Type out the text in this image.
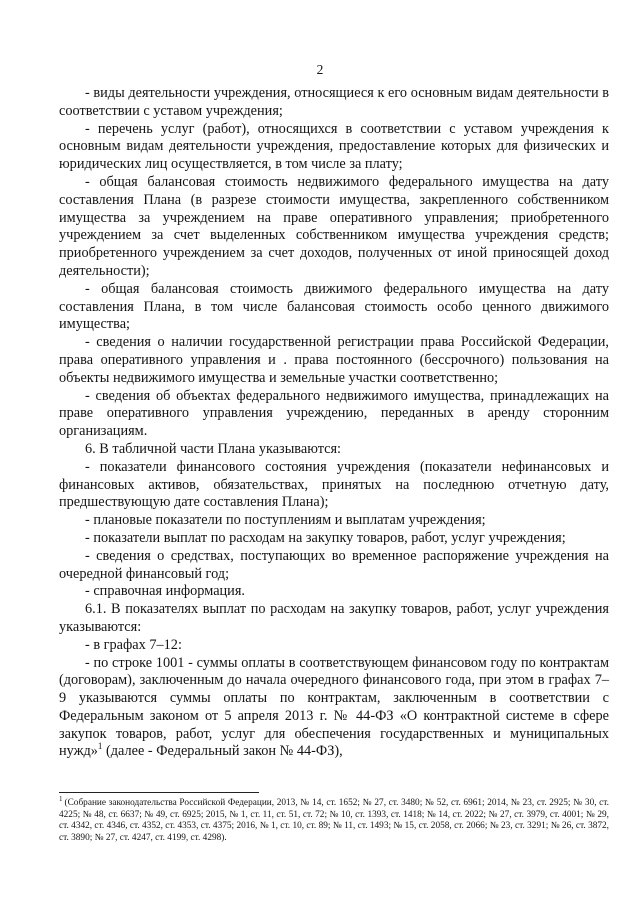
2

- виды деятельности учреждения, относящиеся к его основным видам деятельности в соответствии с уставом учреждения;

- перечень услуг (работ), относящихся в соответствии с уставом учреждения к основным видам деятельности учреждения, предоставление которых для физических и юридических лиц осуществляется, в том числе за плату;

- общая балансовая стоимость недвижимого федерального имущества на дату составления Плана (в разрезе стоимости имущества, закрепленного собственником имущества за учреждением на праве оперативного управления; приобретенного учреждением за счет выделенных собственником имущества учреждения средств; приобретенного учреждением за счет доходов, полученных от иной приносящей доход деятельности);

- общая балансовая стоимость движимого федерального имущества на дату составления Плана, в том числе балансовая стоимость особо ценного движимого имущества;

- сведения о наличии государственной регистрации права Российской Федерации, права оперативного управления и . права постоянного (бессрочного) пользования на объекты недвижимого имущества и земельные участки соответственно;

- сведения об объектах федерального недвижимого имущества, принадлежащих на праве оперативного управления учреждению, переданных в аренду сторонним организациям.

6. В табличной части Плана указываются:

- показатели финансового состояния учреждения (показатели нефинансовых и финансовых активов, обязательствах, принятых на последнюю отчетную дату, предшествующую дате составления Плана);

- плановые показатели по поступлениям и выплатам учреждения;

- показатели выплат по расходам на закупку товаров, работ, услуг учреждения;

- сведения о средствах, поступающих во временное распоряжение учреждения на очередной финансовый год;

- справочная информация.

6.1. В показателях выплат по расходам на закупку товаров, работ, услуг учреждения указываются:

- в графах 7–12:

- по строке 1001 - суммы оплаты в соответствующем финансовом году по контрактам (договорам), заключенным до начала очередного финансового года, при этом в графах 7–9 указываются суммы оплаты по контрактам, заключенным в соответствии с Федеральным законом от 5 апреля 2013 г. № 44-ФЗ «О контрактной системе в сфере закупок товаров, работ, услуг для обеспечения государственных и муниципальных нужд»$^1$ (далее - Федеральный закон № 44-ФЗ),

$^1$ (Собрание законодательства Российской Федерации, 2013, № 14, ст. 1652; № 27, ст. 3480; № 52, ст. 6961; 2014, № 23, ст. 2925; № 30, ст. 4225; № 48, ст. 6637; № 49, ст. 6925; 2015, № 1, ст. 11, ст. 51, ст. 72; № 10, ст. 1393, ст. 1418; № 14, ст. 2022; № 27, ст. 3979, ст. 4001; № 29, ст. 4342, ст. 4346, ст. 4352, ст. 4353, ст. 4375; 2016, № 1, ст. 10, ст. 89; № 11, ст. 1493; № 15, ст. 2058, ст. 2066; № 23, ст. 3291; № 26, ст. 3872, ст. 3890; № 27, ст. 4247, ст. 4199, ст. 4298).
